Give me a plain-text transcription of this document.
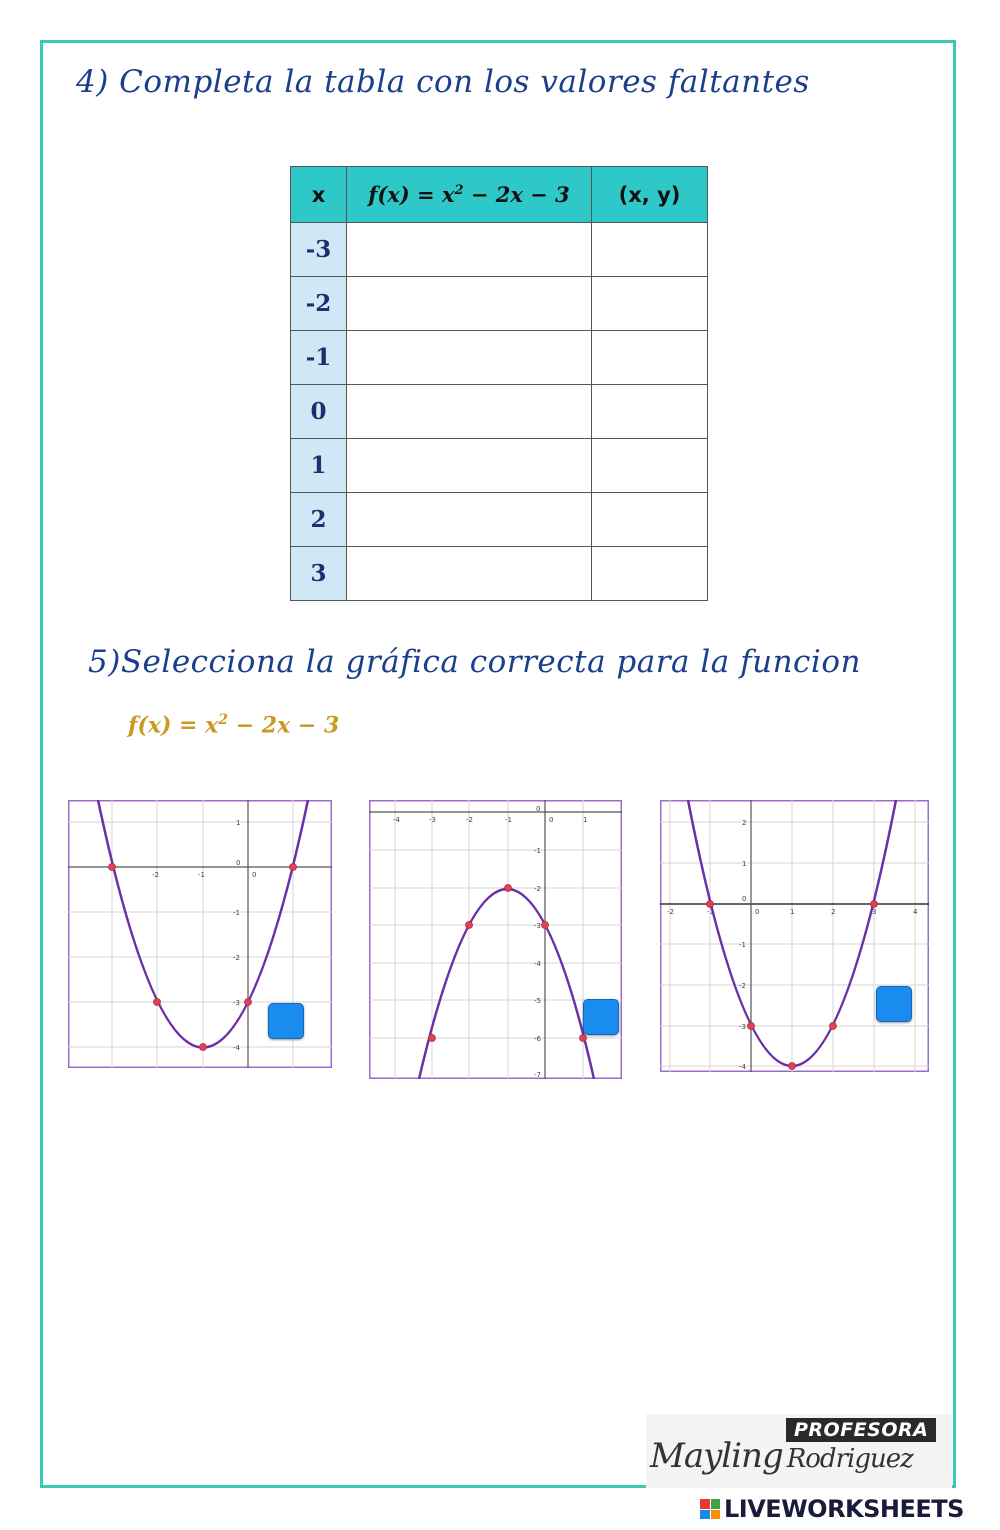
4) Completa la tabla con los valores faltantes
x	$f(x) = x^2 - 2x - 3$	(x, y)
-3		
-2		
-1		
0		
1		
2		
3		
5)Selecciona la gráfica correcta para la funcion
$f(x) = x^2 - 2x - 3$
-2	-1	0
1
0
-1
-2
-3
-4
-4	-3	-2	-1	0	1
0
-1
-2
-3
-4
-5
-6
-7
-2	-1	0	1	2	3	4
2
1
0
-1
-2
-3
-4
PROFESORA
Mayling Rodriguez
LIVEWORKSHEETS
